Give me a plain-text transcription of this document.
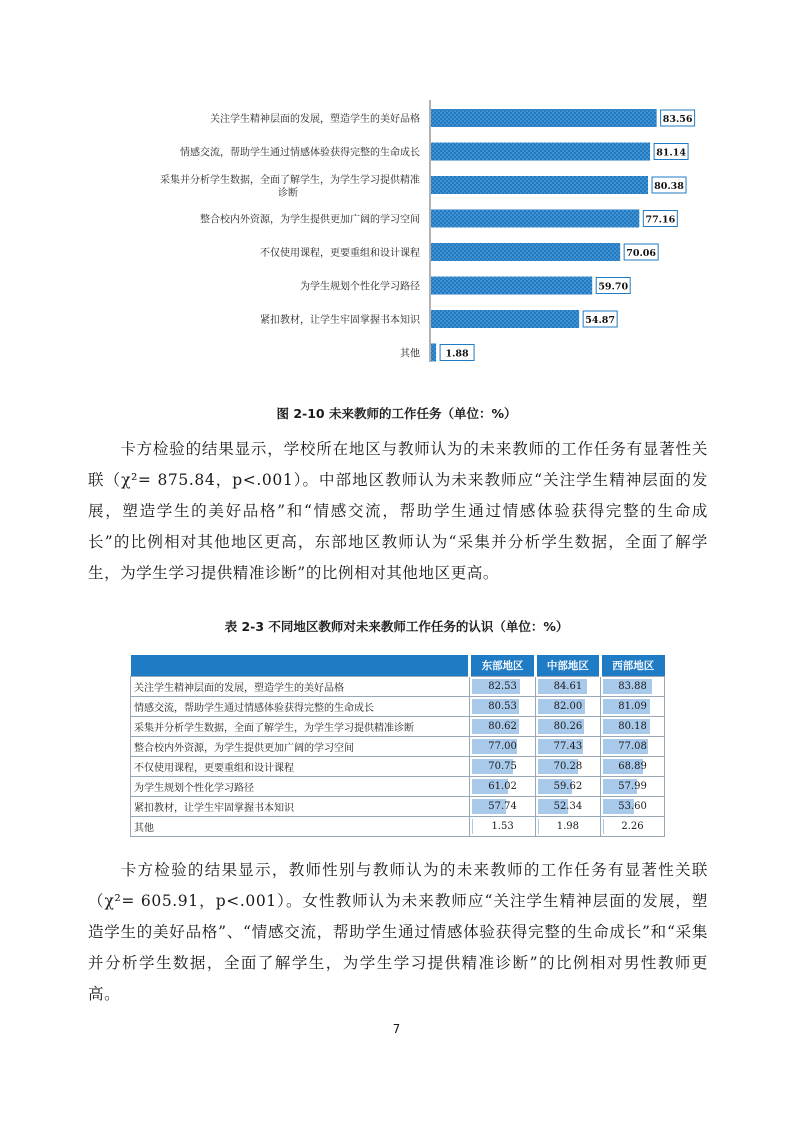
关注学生精神层面的发展，塑造学生的美好品格	83.56
情感交流，帮助学生通过情感体验获得完整的生命成长	81.14
采集并分析学生数据，全面了解学生，为学生学习提供精准诊断
80.38
整合校内外资源，为学生提供更加广阔的学习空间	77.16
不仅使用课程，更要重组和设计课程	70.06
为学生规划个性化学习路径	59.70
紧扣教材，让学生牢固掌握书本知识	54.87
其他	1.88
图 2-10 未来教师的工作任务（单位：%）

卡方检验的结果显示，学校所在地区与教师认为的未来教师的工作任务有显著性关联（χ²= 875.84，p<.001）。中部地区教师认为未来教师应“关注学生精神层面的发展，塑造学生的美好品格”和“情感交流，帮助学生通过情感体验获得完整的生命成长”的比例相对其他地区更高，东部地区教师认为“采集并分析学生数据，全面了解学生，为学生学习提供精准诊断”的比例相对其他地区更高。

表 2-3 不同地区教师对未来教师工作任务的认识（单位：%）
	东部地区	中部地区	西部地区
关注学生精神层面的发展，塑造学生的美好品格	82.53	84.61	83.88
情感交流，帮助学生通过情感体验获得完整的生命成长	80.53	82.00	81.09
采集并分析学生数据，全面了解学生，为学生学习提供精准诊断	80.62	80.26	80.18
整合校内外资源，为学生提供更加广阔的学习空间	77.00	77.43	77.08
不仅使用课程，更要重组和设计课程	70.75	70.28	68.89
为学生规划个性化学习路径	61.02	59.62	57.99
紧扣教材，让学生牢固掌握书本知识	57.74	52.34	53.60
其他	1.53	1.98	2.26

卡方检验的结果显示，教师性别与教师认为的未来教师的工作任务有显著性关联（χ²= 605.91，p<.001）。女性教师认为未来教师应“关注学生精神层面的发展，塑造学生的美好品格”、“情感交流，帮助学生通过情感体验获得完整的生命成长”和“采集并分析学生数据，全面了解学生，为学生学习提供精准诊断”的比例相对男性教师更高。

7
